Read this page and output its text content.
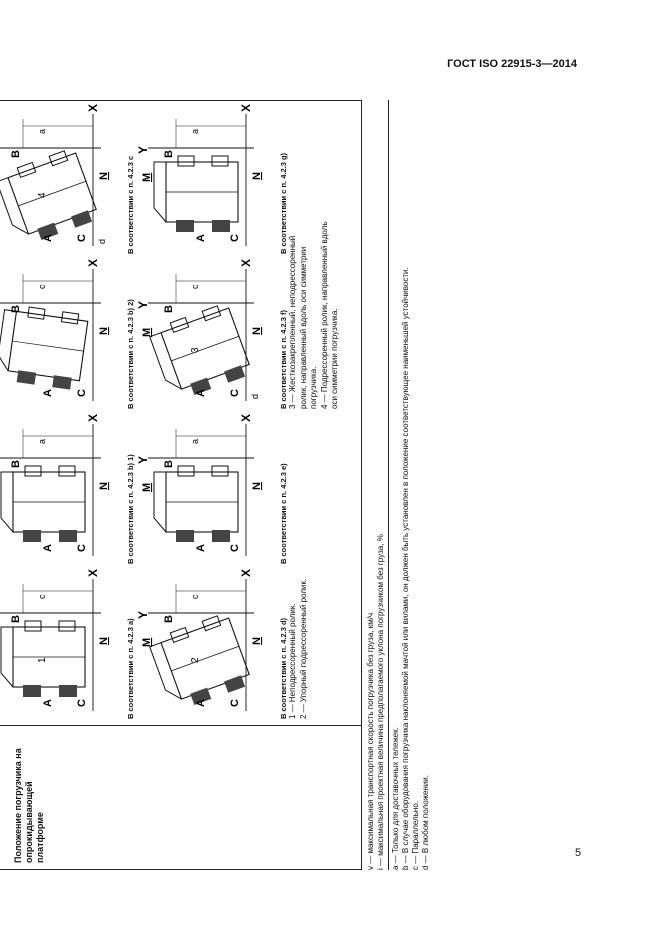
ГОСТ ISO 22915-3—2014
Положение погрузчика на опрокидывающей платформе
X
c
A
B
C
N
1	В соответствии с п. 4.2.3 а)
X
a
A
B
C
N В соответствии с п. 4.2.3 b) 1)
X
c
A
B
C
N В соответствии с п. 4.2.3 b) 2)
X
a
A
B
C
N
d
4	В соответствии с п. 4.2.3 с
X
Y
c
A
B
C
M	N
2	В соответствии с п. 4.2.3 d)
X
Y
a
A
B
C
M	N В соответствии с п. 4.2.3 е)
X
Y
c
A
B
C
M	N
d
3	В соответствии с п. 4.2.3 f)
X
Y
a
A
B
C
M	N В соответствии с п. 4.2.3 g)
1 — Неподрессоренный ролик. 2 — Упорный подрессоренный ролик.
3 — Жесткозакрепленный, неподрессоренный ролик, направленный вдоль оси симметрии погрузчика. 4 — Подрессоренный ролик, направленный вдоль оси симметрии погрузчика.
v — максимальная транспортная скорость погрузчика без груза, км/ч i — максимальная проектная величина предполагаемого уклона погрузчиком без груза, % а — Только для доставочных тележек. b — В случае оборудования погрузчика наклоняемой мачтой или вилами, он должен быть установлен в положение соответствующее наименьшей устойчивости. с — Параллельно. d — В любом положении.	5
